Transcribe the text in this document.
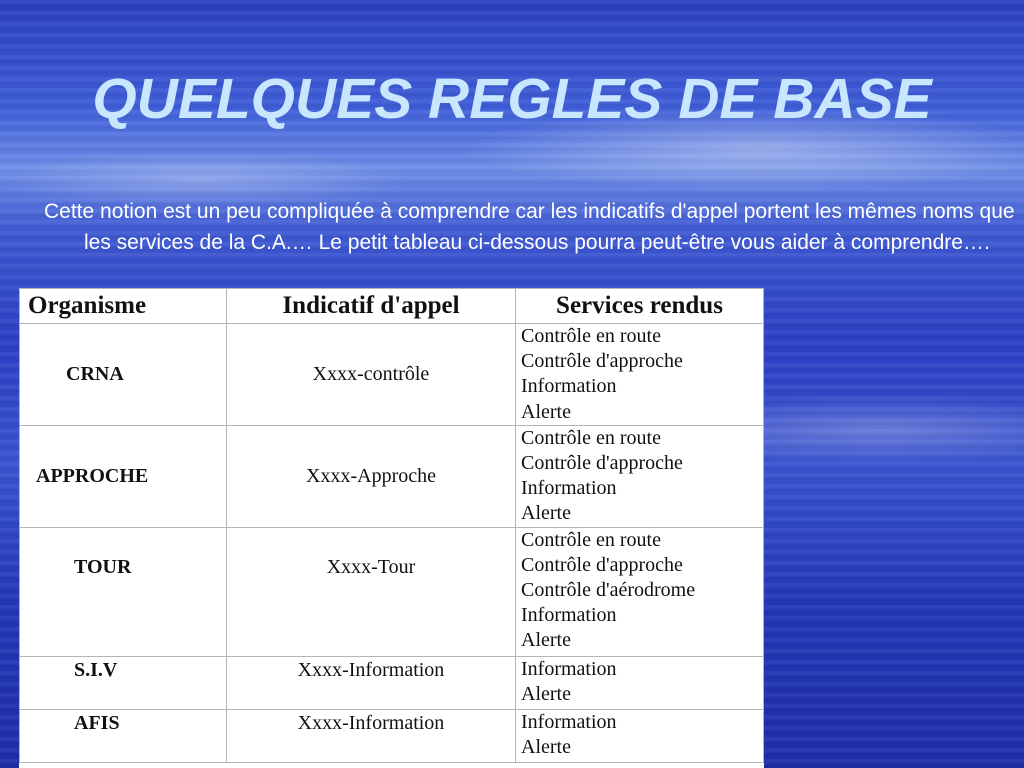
QUELQUES REGLES DE BASE

Cette notion est un peu compliquée à comprendre car les indicatifs d'appel portent les mêmes noms que les services de la C.A.… Le petit tableau ci-dessous pourra peut-être vous aider à comprendre….

Organisme	Indicatif d'appel	Services rendus
CRNA	Xxxx-contrôle	Contrôle en route
Contrôle d'approche
Information
Alerte

APPROCHE	Xxxx-Approche	Contrôle en route
Contrôle d'approche
Information
Alerte

TOUR	Xxxx-Tour	Contrôle en route
Contrôle d'approche
Contrôle d'aérodrome
Information
Alerte

S.I.V	Xxxx-Information	Information
Alerte

AFIS	Xxxx-Information	Information
Alerte
